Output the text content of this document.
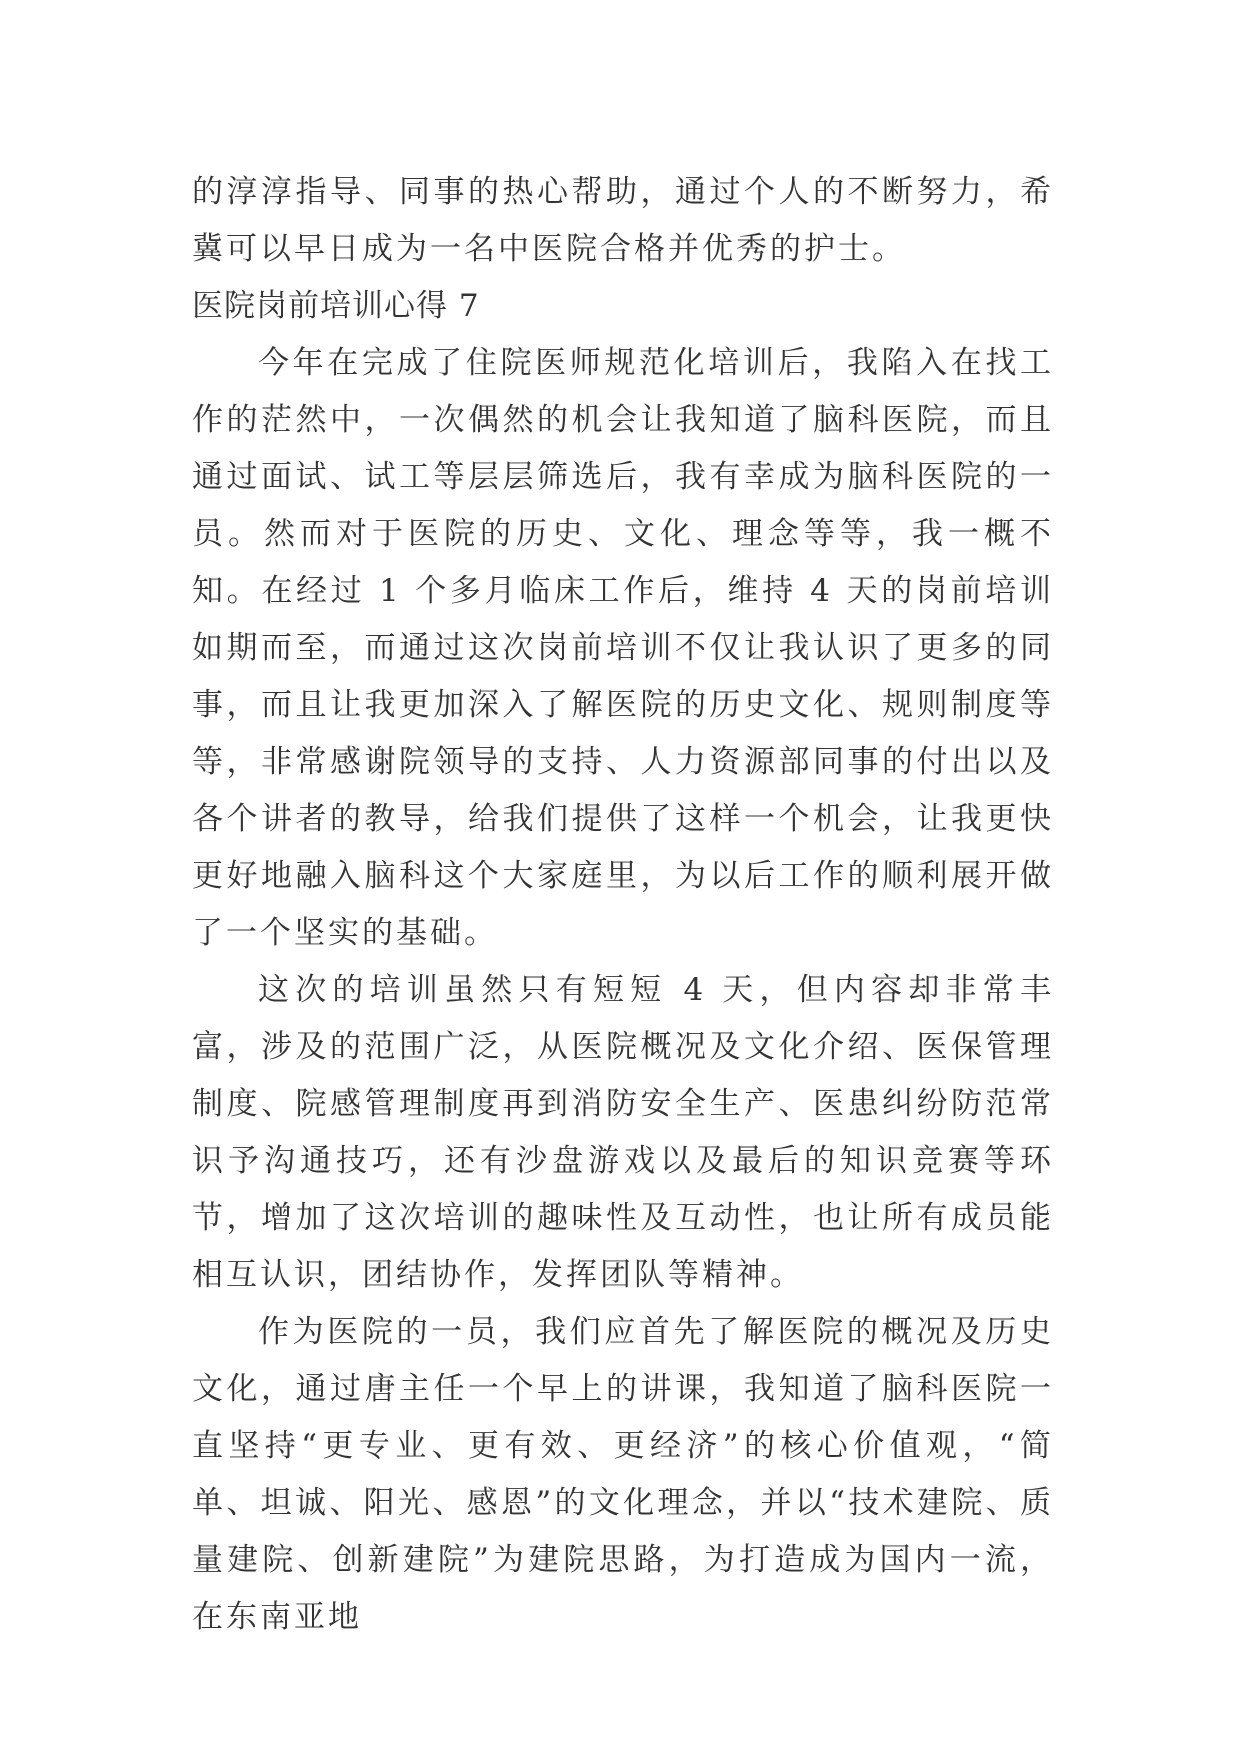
的淳淳指导、同事的热心帮助，通过个人的不断努力，希冀可以早日成为一名中医院合格并优秀的护士。

医院岗前培训心得 7

今年在完成了住院医师规范化培训后，我陷入在找工作的茫然中，一次偶然的机会让我知道了脑科医院，而且通过面试、试工等层层筛选后，我有幸成为脑科医院的一员。然而对于医院的历史、文化、理念等等，我一概不知。在经过 1 个多月临床工作后，维持 4 天的岗前培训如期而至，而通过这次岗前培训不仅让我认识了更多的同事，而且让我更加深入了解医院的历史文化、规则制度等等，非常感谢院领导的支持、人力资源部同事的付出以及各个讲者的教导，给我们提供了这样一个机会，让我更快更好地融入脑科这个大家庭里，为以后工作的顺利展开做了一个坚实的基础。

这次的培训虽然只有短短 4 天，但内容却非常丰富，涉及的范围广泛，从医院概况及文化介绍、医保管理制度、院感管理制度再到消防安全生产、医患纠纷防范常识予沟通技巧，还有沙盘游戏以及最后的知识竞赛等环节，增加了这次培训的趣味性及互动性，也让所有成员能相互认识，团结协作，发挥团队等精神。

作为医院的一员，我们应首先了解医院的概况及历史文化，通过唐主任一个早上的讲课，我知道了脑科医院一直坚持“更专业、更有效、更经济”的核心价值观，“简单、坦诚、阳光、感恩”的文化理念，并以“技术建院、质量建院、创新建院”为建院思路，为打造成为国内一流，在东南亚地
